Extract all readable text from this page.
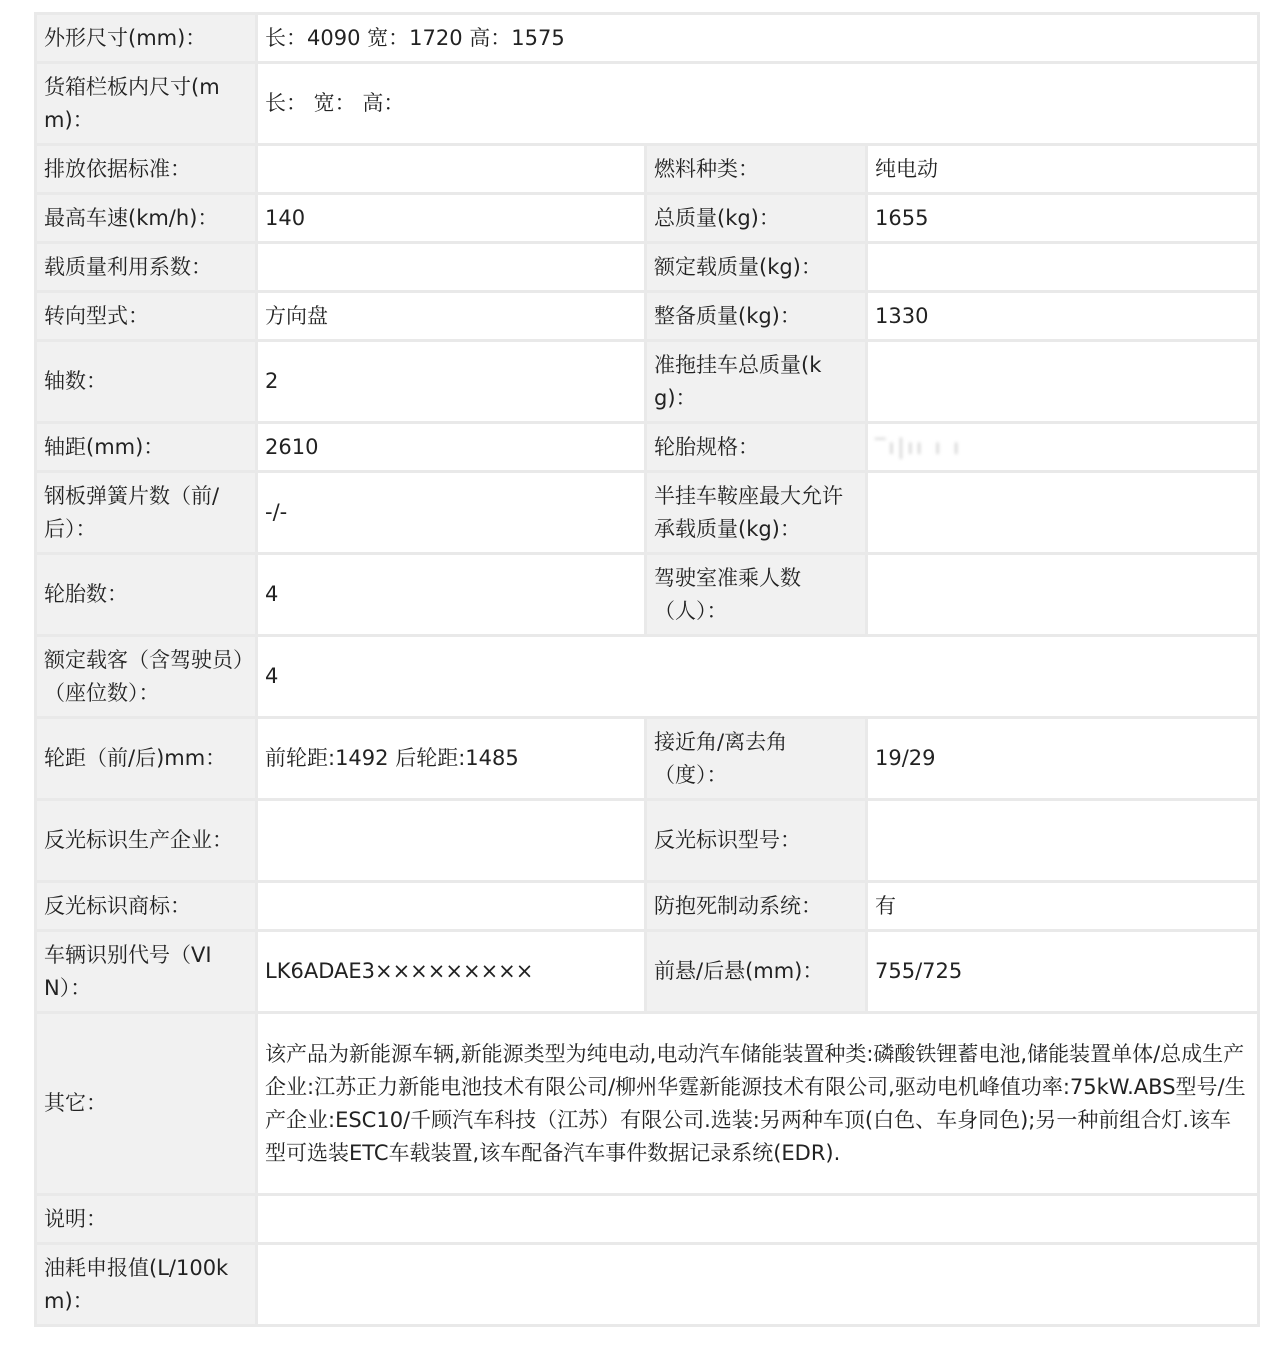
外形尺寸(mm)：	长：4090 宽：1720 高：1575		
货箱栏板内尺寸(mm)：	长： 宽： 高：		
排放依据标准：		燃料种类：	纯电动
最高车速(km/h)：	140	总质量(kg)：	1655
载质量利用系数：		额定载质量(kg)：	
转向型式：	方向盘	整备质量(kg)：	1330
轴数：	2	准拖挂车总质量(kg)：	
轴距(mm)：	2610	轮胎规格：	‾ı|ıı ı ı
钢板弹簧片数（前/后）：	-/-	半挂车鞍座最大允许承载质量(kg)：	
轮胎数：	4	驾驶室准乘人数（人）：	
额定载客（含驾驶员）（座位数）：	4		
轮距（前/后)mm：	前轮距:1492 后轮距:1485	接近角/离去角（度）：	19/29
反光标识生产企业：		反光标识型号：	
反光标识商标：		防抱死制动系统：	有
车辆识别代号（VIN）：	LK6ADAE3×××××××××	前悬/后悬(mm)：	755/725
其它：	该产品为新能源车辆,新能源类型为纯电动,电动汽车储能装置种类:磷酸铁锂蓄电池,储能装置单体/总成生产企业:江苏正力新能电池技术有限公司/柳州华霆新能源技术有限公司,驱动电机峰值功率:75kW.ABS型号/生产企业:ESC10/千顾汽车科技（江苏）有限公司.选装:另两种车顶(白色、车身同色);另一种前组合灯.该车型可选装ETC车载装置,该车配备汽车事件数据记录系统(EDR).		
说明：			
油耗申报值(L/100km)：			
